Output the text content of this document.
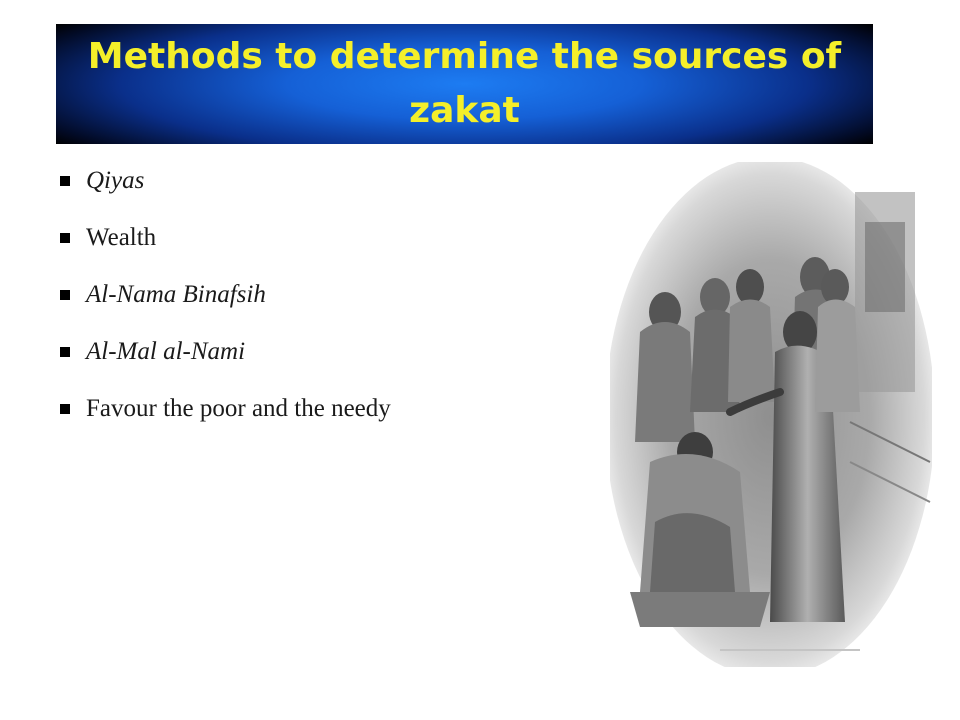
Methods to determine the sources of zakat
Qiyas
Wealth
Al-Nama Binafsih
Al-Mal al-Nami
Favour the poor and the needy
